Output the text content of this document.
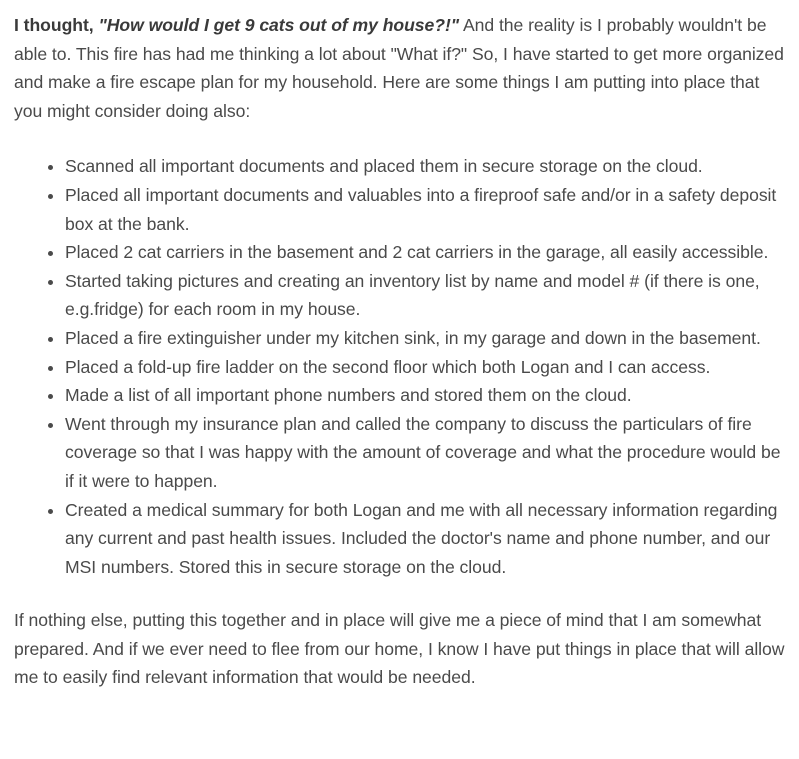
I thought, "How would I get 9 cats out of my house?!" And the reality is I probably wouldn't be able to. This fire has had me thinking a lot about "What if?" So, I have started to get more organized and make a fire escape plan for my household. Here are some things I am putting into place that you might consider doing also:

• Scanned all important documents and placed them in secure storage on the cloud.
• Placed all important documents and valuables into a fireproof safe and/or in a safety deposit box at the bank.
• Placed 2 cat carriers in the basement and 2 cat carriers in the garage, all easily accessible.
• Started taking pictures and creating an inventory list by name and model # (if there is one, e.g.fridge) for each room in my house.
• Placed a fire extinguisher under my kitchen sink, in my garage and down in the basement.
• Placed a fold-up fire ladder on the second floor which both Logan and I can access.
• Made a list of all important phone numbers and stored them on the cloud.
• Went through my insurance plan and called the company to discuss the particulars of fire coverage so that I was happy with the amount of coverage and what the procedure would be if it were to happen.
• Created a medical summary for both Logan and me with all necessary information regarding any current and past health issues. Included the doctor's name and phone number, and our MSI numbers. Stored this in secure storage on the cloud.

If nothing else, putting this together and in place will give me a piece of mind that I am somewhat prepared. And if we ever need to flee from our home, I know I have put things in place that will allow me to easily find relevant information that would be needed.
